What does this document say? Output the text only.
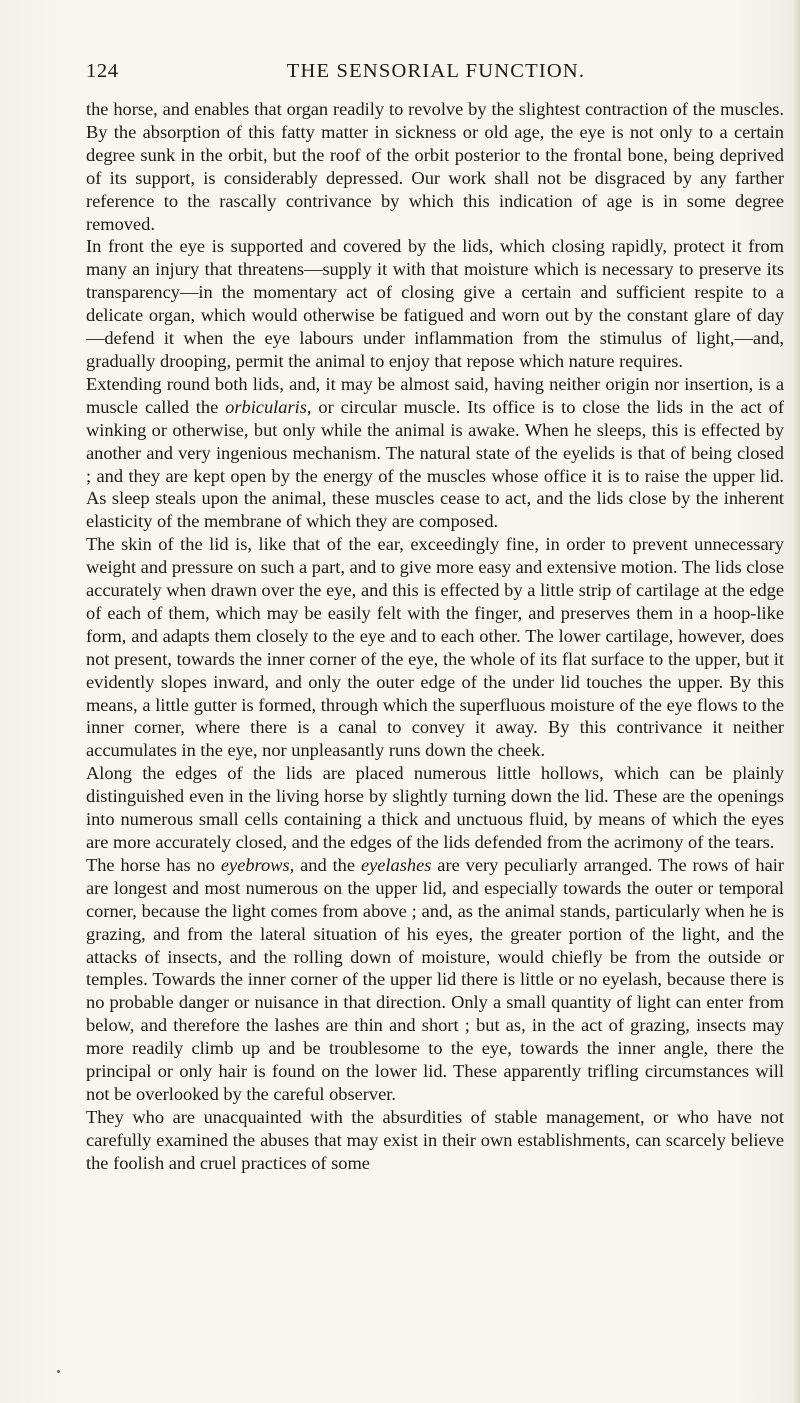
124	THE SENSORIAL FUNCTION.

the horse, and enables that organ readily to revolve by the slightest contraction of the muscles. By the absorption of this fatty matter in sickness or old age, the eye is not only to a certain degree sunk in the orbit, but the roof of the orbit posterior to the frontal bone, being deprived of its support, is considerably depressed. Our work shall not be disgraced by any farther reference to the rascally contrivance by which this indication of age is in some degree removed.

In front the eye is supported and covered by the lids, which closing rapidly, protect it from many an injury that threatens—supply it with that moisture which is necessary to preserve its transparency—in the momentary act of closing give a certain and sufficient respite to a delicate organ, which would otherwise be fatigued and worn out by the constant glare of day—defend it when the eye labours under inflammation from the stimulus of light,—and, gradually drooping, permit the animal to enjoy that repose which nature requires.

Extending round both lids, and, it may be almost said, having neither origin nor insertion, is a muscle called the orbicularis, or circular muscle. Its office is to close the lids in the act of winking or otherwise, but only while the animal is awake. When he sleeps, this is effected by another and very ingenious mechanism. The natural state of the eyelids is that of being closed ; and they are kept open by the energy of the muscles whose office it is to raise the upper lid. As sleep steals upon the animal, these muscles cease to act, and the lids close by the inherent elasticity of the membrane of which they are composed.

The skin of the lid is, like that of the ear, exceedingly fine, in order to prevent unnecessary weight and pressure on such a part, and to give more easy and extensive motion. The lids close accurately when drawn over the eye, and this is effected by a little strip of cartilage at the edge of each of them, which may be easily felt with the finger, and preserves them in a hoop-like form, and adapts them closely to the eye and to each other. The lower cartilage, however, does not present, towards the inner corner of the eye, the whole of its flat surface to the upper, but it evidently slopes inward, and only the outer edge of the under lid touches the upper. By this means, a little gutter is formed, through which the superfluous moisture of the eye flows to the inner corner, where there is a canal to convey it away. By this contrivance it neither accumulates in the eye, nor unpleasantly runs down the cheek.

Along the edges of the lids are placed numerous little hollows, which can be plainly distinguished even in the living horse by slightly turning down the lid. These are the openings into numerous small cells containing a thick and unctuous fluid, by means of which the eyes are more accurately closed, and the edges of the lids defended from the acrimony of the tears.

The horse has no eyebrows, and the eyelashes are very peculiarly arranged. The rows of hair are longest and most numerous on the upper lid, and especially towards the outer or temporal corner, because the light comes from above ; and, as the animal stands, particularly when he is grazing, and from the lateral situation of his eyes, the greater portion of the light, and the attacks of insects, and the rolling down of moisture, would chiefly be from the outside or temples. Towards the inner corner of the upper lid there is little or no eyelash, because there is no probable danger or nuisance in that direction. Only a small quantity of light can enter from below, and therefore the lashes are thin and short ; but as, in the act of grazing, insects may more readily climb up and be troublesome to the eye, towards the inner angle, there the principal or only hair is found on the lower lid. These apparently trifling circumstances will not be overlooked by the careful observer.

They who are unacquainted with the absurdities of stable management, or who have not carefully examined the abuses that may exist in their own establishments, can scarcely believe the foolish and cruel practices of some
